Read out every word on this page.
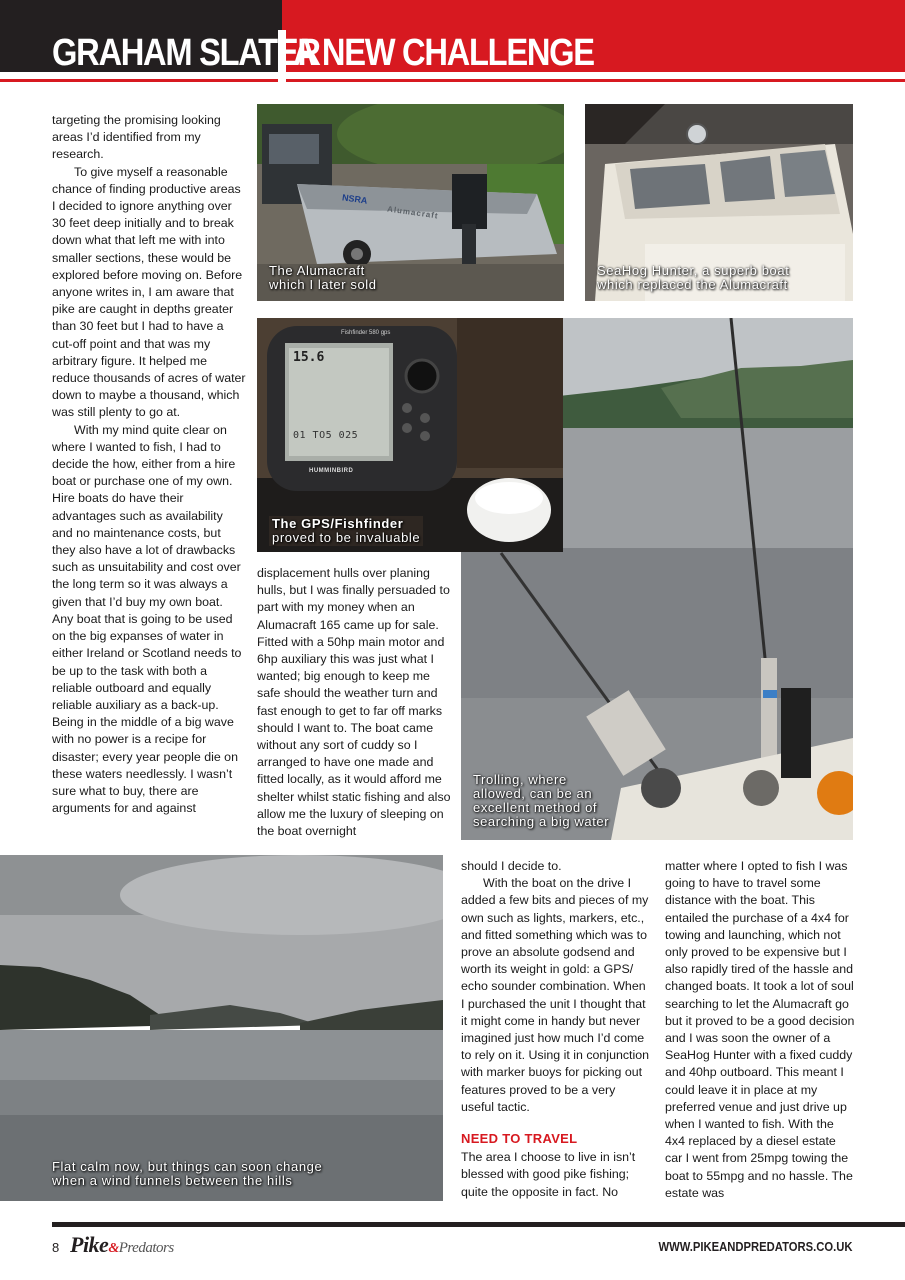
GRAHAM SLATER
A NEW CHALLENGE

targeting the promising looking areas I’d identified from my research.

To give myself a reasonable chance of finding productive areas I decided to ignore anything over 30 feet deep initially and to break down what that left me with into smaller sections, these would be explored before moving on. Before anyone writes in, I am aware that pike are caught in depths greater than 30 feet but I had to have a cut-off point and that was my arbitrary figure. It helped me reduce thousands of acres of water down to maybe a thousand, which was still plenty to go at.

With my mind quite clear on where I wanted to fish, I had to decide the how, either from a hire boat or purchase one of my own. Hire boats do have their advantages such as availability and no maintenance costs, but they also have a lot of drawbacks such as unsuitability and cost over the long term so it was always a given that I’d buy my own boat. Any boat that is going to be used on the big expanses of water in either Ireland or Scotland needs to be up to the task with both a reliable outboard and equally reliable auxiliary as a back-up. Being in the middle of a big wave with no power is a recipe for disaster; every year people die on these waters needlessly. I wasn’t sure what to buy, there are arguments for and against

displacement hulls over planing hulls, but I was finally persuaded to part with my money when an Alumacraft 165 came up for sale. Fitted with a 50hp main motor and 6hp auxiliary this was just what I wanted; big enough to keep me safe should the weather turn and fast enough to get to far off marks should I want to. The boat came without any sort of cuddy so I arranged to have one made and fitted locally, as it would afford me shelter whilst static fishing and also allow me the luxury of sleeping on the boat overnight

should I decide to.

With the boat on the drive I added a few bits and pieces of my own such as lights, markers, etc., and fitted something which was to prove an absolute godsend and worth its weight in gold: a GPS/ echo sounder combination. When I purchased the unit I thought that it might come in handy but never imagined just how much I’d come to rely on it. Using it in conjunction with marker buoys for picking out features proved to be a very useful tactic.

NEED TO TRAVEL

The area I choose to live in isn’t blessed with good pike fishing; quite the opposite in fact. No

matter where I opted to fish I was going to have to travel some distance with the boat. This entailed the purchase of a 4x4 for towing and launching, which not only proved to be expensive but I also rapidly tired of the hassle and changed boats. It took a lot of soul searching to let the Alumacraft go but it proved to be a good decision and I was soon the owner of a SeaHog Hunter with a fixed cuddy and 40hp outboard. This meant I could leave it in place at my preferred venue and just drive up when I wanted to fish. With the 4x4 replaced by a diesel estate car I went from 25mpg towing the boat to 55mpg and no hassle. The estate was

NSRA
Alumacraft
The Alumacraft
which I later sold
SeaHog Hunter, a superb boat
which replaced the Alumacraft
Trolling, where
allowed, can be an
excellent method of
searching a big water
Fishfinder 580 gps
15.6
01 TO5 025
HUMMINBIRD
The GPS/Fishfinder
proved to be invaluable
Flat calm now, but things can soon change
when a wind funnels between the hills
8 Pike&Predators	WWW.PIKEANDPREDATORS.CO.UK
